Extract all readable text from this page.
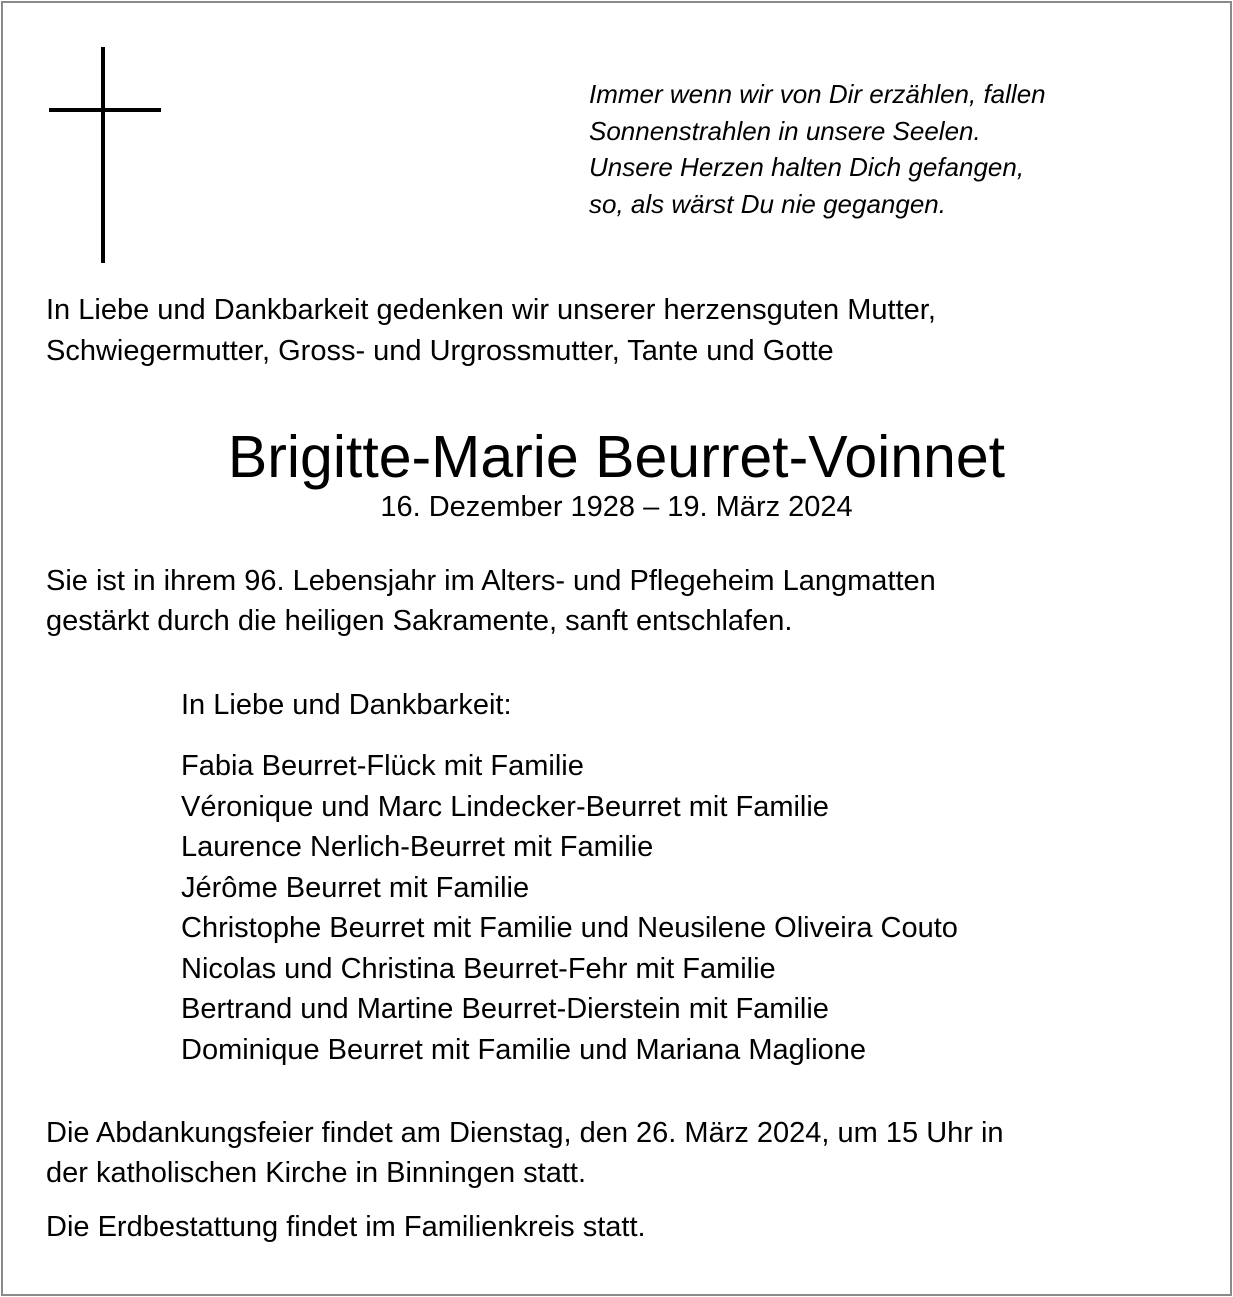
Immer wenn wir von Dir erzählen, fallen
Sonnenstrahlen in unsere Seelen.
Unsere Herzen halten Dich gefangen,
so, als wärst Du nie gegangen.
In Liebe und Dankbarkeit gedenken wir unserer herzensguten Mutter,
Schwiegermutter, Gross- und Urgrossmutter, Tante und Gotte
Brigitte-Marie Beurret-Voinnet
16. Dezember 1928 – 19. März 2024
Sie ist in ihrem 96. Lebensjahr im Alters- und Pflegeheim Langmatten
gestärkt durch die heiligen Sakramente, sanft entschlafen.
In Liebe und Dankbarkeit:
Fabia Beurret-Flück mit Familie
Véronique und Marc Lindecker-Beurret mit Familie
Laurence Nerlich-Beurret mit Familie
Jérôme Beurret mit Familie
Christophe Beurret mit Familie und Neusilene Oliveira Couto
Nicolas und Christina Beurret-Fehr mit Familie
Bertrand und Martine Beurret-Dierstein mit Familie
Dominique Beurret mit Familie und Mariana Maglione
Die Abdankungsfeier findet am Dienstag, den 26. März 2024, um 15 Uhr in
der katholischen Kirche in Binningen statt.
Die Erdbestattung findet im Familienkreis statt.
